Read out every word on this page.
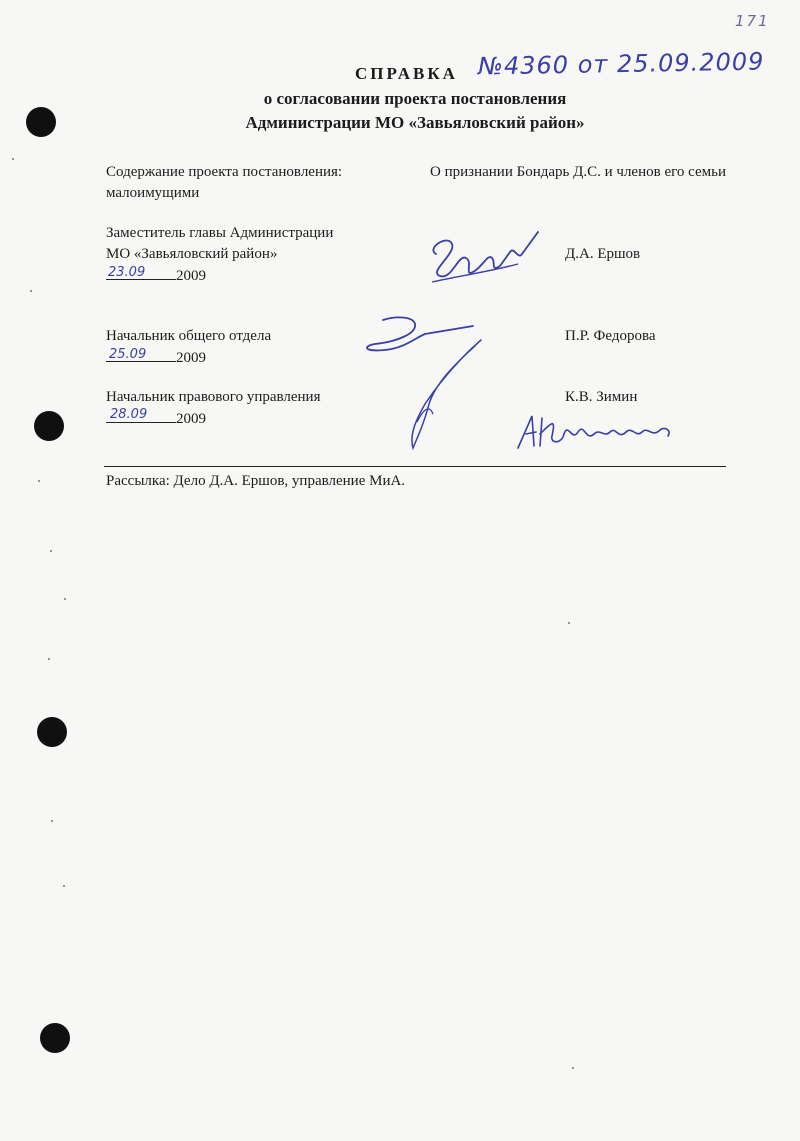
171
СПРАВКА №4360 от 25.09.2009
о согласовании проекта постановления
Администрации МО «Завьяловский район»
Содержание проекта постановления:	О признании Бондарь Д.С. и членов его семьи
малоимущими
Заместитель главы Администрации
МО «Завьяловский район»
23.09 2009
Д.А. Ершов
Начальник общего отдела
25.09 2009
П.Р. Федорова
Начальник правового управления
28.09 2009
К.В. Зимин
Рассылка: Дело Д.А. Ершов, управление МиА.
